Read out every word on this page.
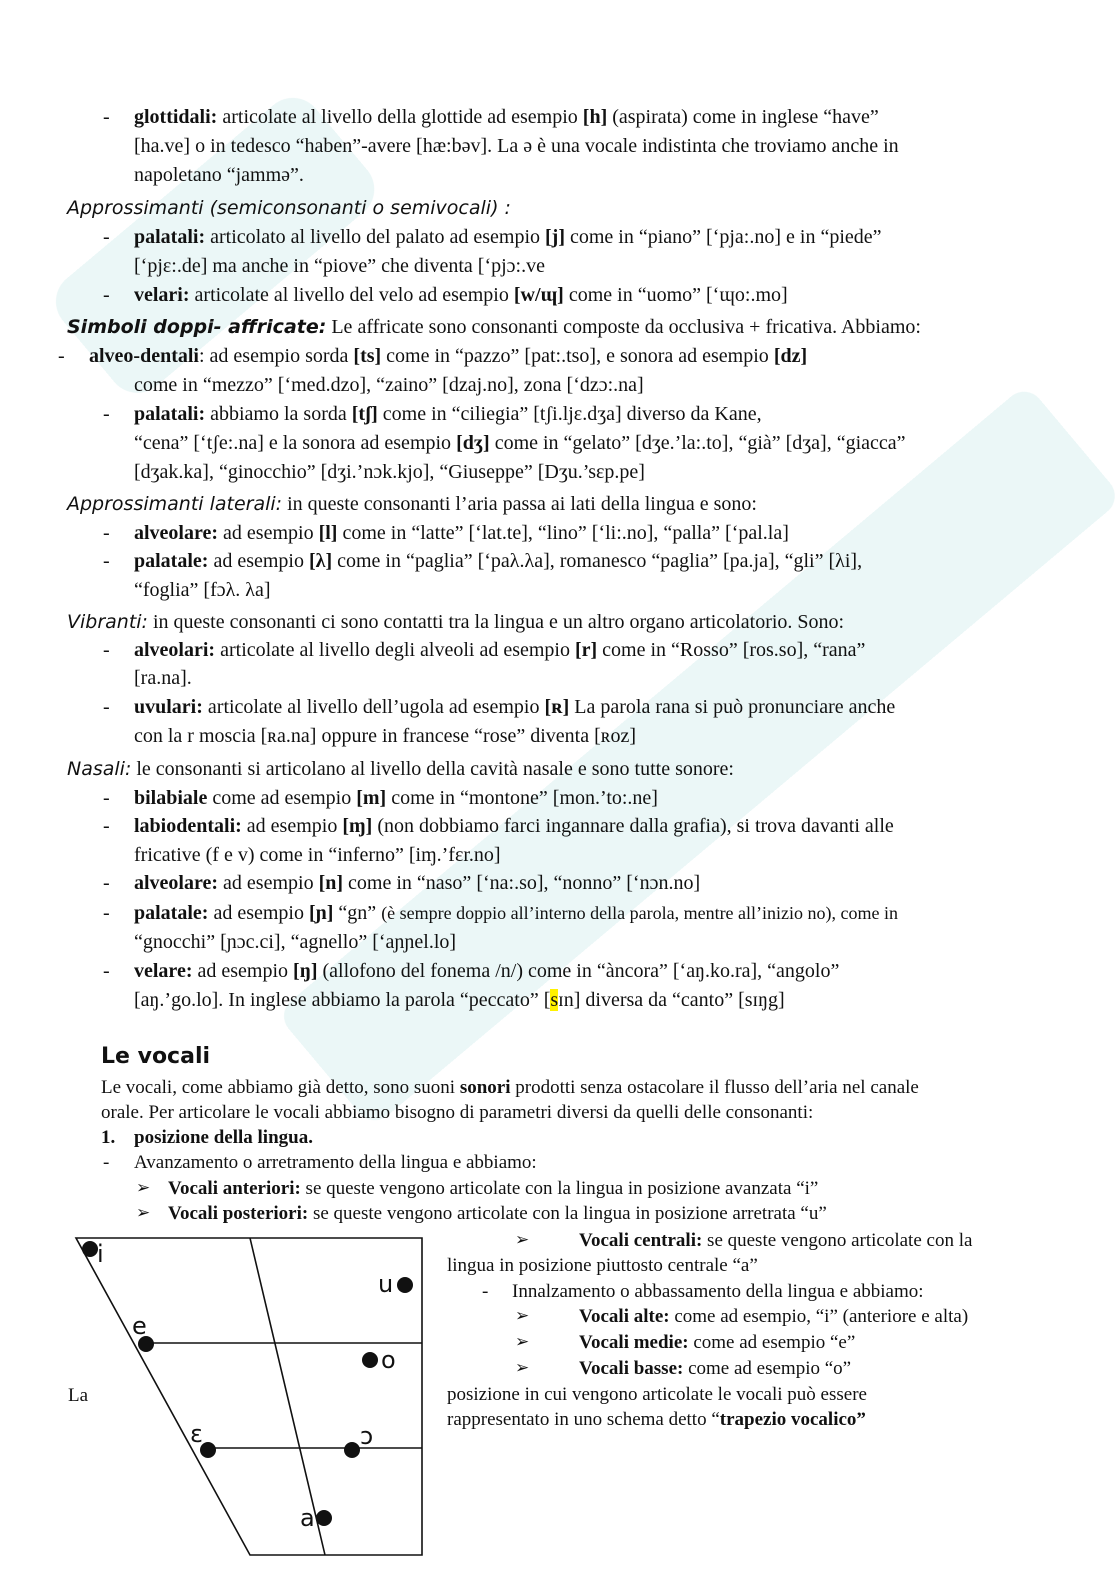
- glottidali: articolate al livello della glottide ad esempio [h] (aspirata) come in inglese “have”
[ha.ve] o in tedesco “haben”-avere [hæ:bəv]. La ə è una vocale indistinta che troviamo anche in
napoletano “jammə”.
Approssimanti (semiconsonanti o semivocali) :
- palatali: articolato al livello del palato ad esempio [j] come in “piano” [‘pja:.no] e in “piede”
[‘pjɛ:.de] ma anche in “piove” che diventa [‘pjɔ:.ve
- velari: articolate al livello del velo ad esempio [w/ɰ] come in “uomo” [‘ɰo:.mo]
Simboli doppi- affricate: Le affricate sono consonanti composte da occlusiva + fricativa. Abbiamo:
- alveo-dentali: ad esempio sorda [ts] come in “pazzo” [pat:.tso], e sonora ad esempio [dz]
come in “mezzo” [‘med.dzo], “zaino” [dzaj.no], zona [‘dzɔ:.na]
- palatali: abbiamo la sorda [tʃ] come in “ciliegia” [tʃi.ljɛ.dʒa] diverso da Kane,
“cena” [‘tʃe:.na] e la sonora ad esempio [dʒ] come in “gelato” [dʒe.’la:.to], “già” [dʒa], “giacca”
[dʒak.ka], “ginocchio” [dʒi.’nɔk.kjo], “Giuseppe” [Dʒu.’sɛp.pe]
Approssimanti laterali: in queste consonanti l’aria passa ai lati della lingua e sono:
- alveolare: ad esempio [l] come in “latte” [‘lat.te], “lino” [‘li:.no], “palla” [‘pal.la]
- palatale: ad esempio [λ] come in “paglia” [‘paλ.λa], romanesco “paglia” [pa.ja], “gli” [λi],
“foglia” [fɔλ. λa]
Vibranti: in queste consonanti ci sono contatti tra la lingua e un altro organo articolatorio. Sono:
- alveolari: articolate al livello degli alveoli ad esempio [r] come in “Rosso” [ros.so], “rana”
[ra.na].
- uvulari: articolate al livello dell’ugola ad esempio [ʀ] La parola rana si può pronunciare anche
con la r moscia [ʀa.na] oppure in francese “rose” diventa [ʀoz]
Nasali: le consonanti si articolano al livello della cavità nasale e sono tutte sonore:
- bilabiale come ad esempio [m] come in “montone” [mon.’to:.ne]
- labiodentali: ad esempio [ɱ] (non dobbiamo farci ingannare dalla grafia), si trova davanti alle
fricative (f e v) come in “inferno” [iɱ.’fɛr.no]
- alveolare: ad esempio [n] come in “naso” [‘na:.so], “nonno” [‘nɔn.no]
- palatale: ad esempio [ɲ] “gn” (è sempre doppio all’interno della parola, mentre all’inizio no), come in
“gnocchi” [ɲɔc.ci], “agnello” [‘aɲɲel.lo]
- velare: ad esempio [ŋ] (allofono del fonema /n/) come in “àncora” [‘aŋ.ko.ra], “angolo”
[aŋ.’go.lo]. In inglese abbiamo la parola “peccato” [sɪn] diversa da “canto” [sɪŋg]
Le vocali
Le vocali, come abbiamo già detto, sono suoni sonori prodotti senza ostacolare il flusso dell’aria nel canale
orale. Per articolare le vocali abbiamo bisogno di parametri diversi da quelli delle consonanti:
1. posizione della lingua.
- Avanzamento o arretramento della lingua e abbiamo:
➢ Vocali anteriori: se queste vengono articolate con la lingua in posizione avanzata “i”
➢ Vocali posteriori: se queste vengono articolate con la lingua in posizione arretrata “u”
➢	Vocali centrali: se queste vengono articolate con la
lingua in posizione piuttosto centrale “a”
- Innalzamento o abbassamento della lingua e abbiamo:
➢	Vocali alte: come ad esempio, “i” (anteriore e alta)
➢	Vocali medie: come ad esempio “e”
➢	Vocali basse: come ad esempio “o”
La	posizione in cui vengono articolate le vocali può essere
rappresentato in uno schema detto “trapezio vocalico”
i
u
e
o
ɛ	ɔ
a
